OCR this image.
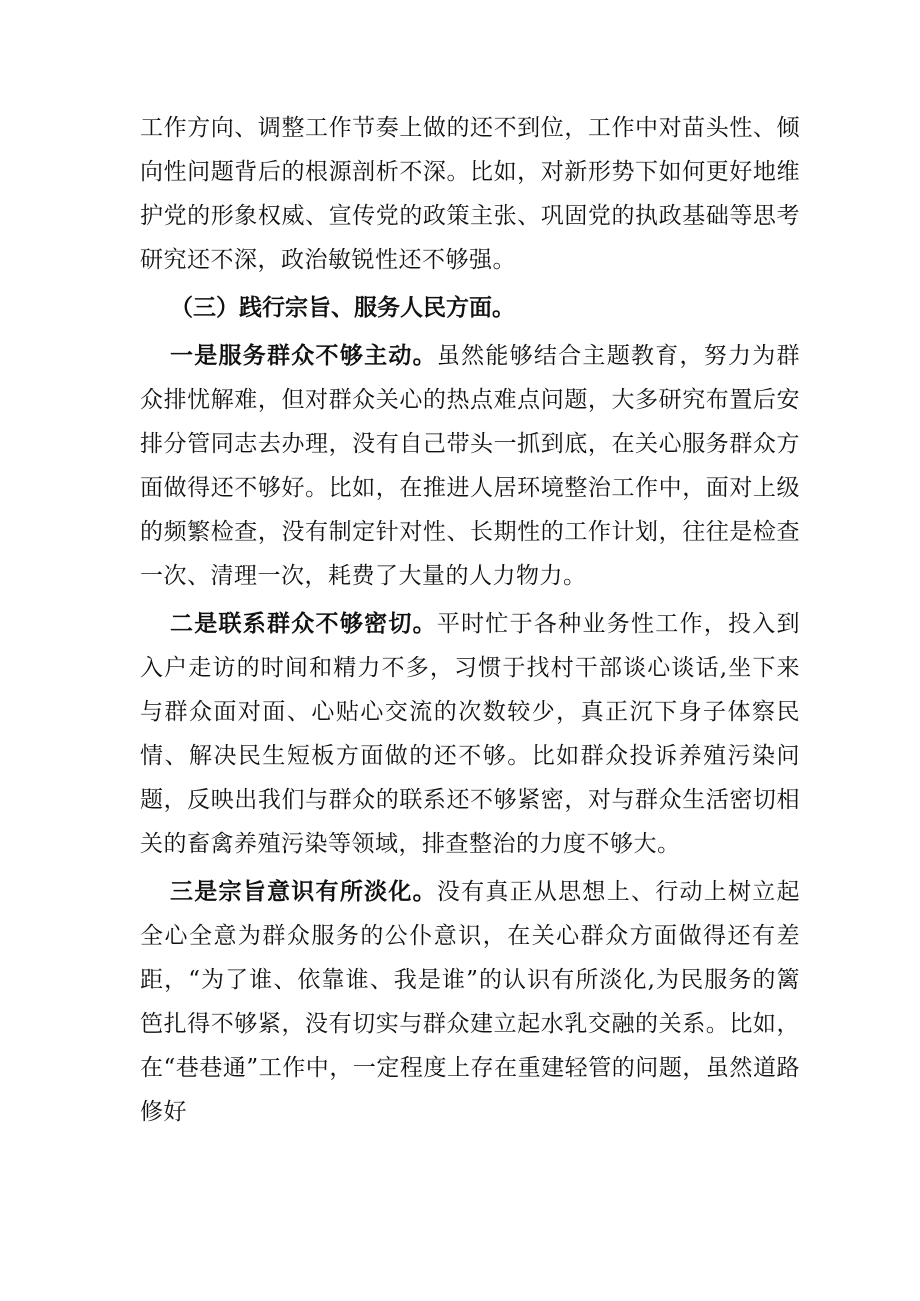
工作方向、调整工作节奏上做的还不到位，工作中对苗头性、倾向性问题背后的根源剖析不深。比如，对新形势下如何更好地维护党的形象权威、宣传党的政策主张、巩固党的执政基础等思考研究还不深，政治敏锐性还不够强。

（三）践行宗旨、服务人民方面。

一是服务群众不够主动。虽然能够结合主题教育，努力为群众排忧解难，但对群众关心的热点难点问题，大多研究布置后安排分管同志去办理，没有自己带头一抓到底，在关心服务群众方面做得还不够好。比如，在推进人居环境整治工作中，面对上级的频繁检查，没有制定针对性、长期性的工作计划，往往是检查一次、清理一次，耗费了大量的人力物力。

二是联系群众不够密切。平时忙于各种业务性工作，投入到入户走访的时间和精力不多，习惯于找村干部谈心谈话,坐下来与群众面对面、心贴心交流的次数较少，真正沉下身子体察民情、解决民生短板方面做的还不够。比如群众投诉养殖污染问题，反映出我们与群众的联系还不够紧密，对与群众生活密切相关的畜禽养殖污染等领域，排查整治的力度不够大。

三是宗旨意识有所淡化。没有真正从思想上、行动上树立起全心全意为群众服务的公仆意识，在关心群众方面做得还有差距，“为了谁、依靠谁、我是谁”的认识有所淡化,为民服务的篱笆扎得不够紧，没有切实与群众建立起水乳交融的关系。比如，在“巷巷通”工作中，一定程度上存在重建轻管的问题，虽然道路修好
